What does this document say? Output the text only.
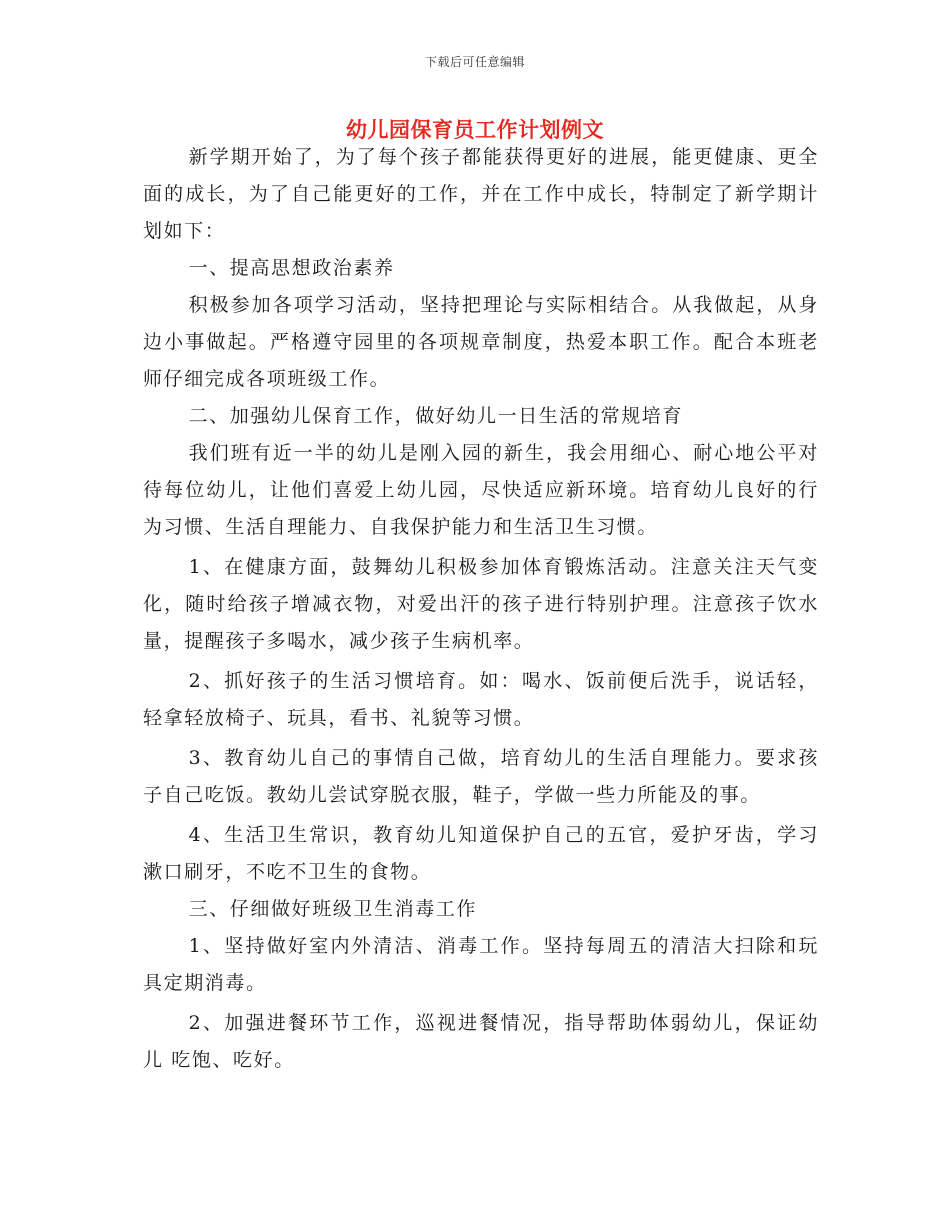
下载后可任意编辑
幼儿园保育员工作计划例文

新学期开始了，为了每个孩子都能获得更好的进展，能更健康、更全面的成长，为了自己能更好的工作，并在工作中成长，特制定了新学期计划如下：

一、提高思想政治素养

积极参加各项学习活动，坚持把理论与实际相结合。从我做起，从身边小事做起。严格遵守园里的各项规章制度，热爱本职工作。配合本班老师仔细完成各项班级工作。

二、加强幼儿保育工作，做好幼儿一日生活的常规培育

我们班有近一半的幼儿是刚入园的新生，我会用细心、耐心地公平对待每位幼儿，让他们喜爱上幼儿园，尽快适应新环境。培育幼儿良好的行为习惯、生活自理能力、自我保护能力和生活卫生习惯。

1、在健康方面，鼓舞幼儿积极参加体育锻炼活动。注意关注天气变化，随时给孩子增减衣物，对爱出汗的孩子进行特别护理。注意孩子饮水量，提醒孩子多喝水，减少孩子生病机率。

2、抓好孩子的生活习惯培育。如：喝水、饭前便后洗手，说话轻，轻拿轻放椅子、玩具，看书、礼貌等习惯。

3、教育幼儿自己的事情自己做，培育幼儿的生活自理能力。要求孩子自己吃饭。教幼儿尝试穿脱衣服，鞋子，学做一些力所能及的事。

4、生活卫生常识，教育幼儿知道保护自己的五官，爱护牙齿，学习漱口刷牙，不吃不卫生的食物。

三、仔细做好班级卫生消毒工作

1、坚持做好室内外清洁、消毒工作。坚持每周五的清洁大扫除和玩具定期消毒。

2、加强进餐环节工作，巡视进餐情况，指导帮助体弱幼儿，保证幼儿 吃饱、吃好。
